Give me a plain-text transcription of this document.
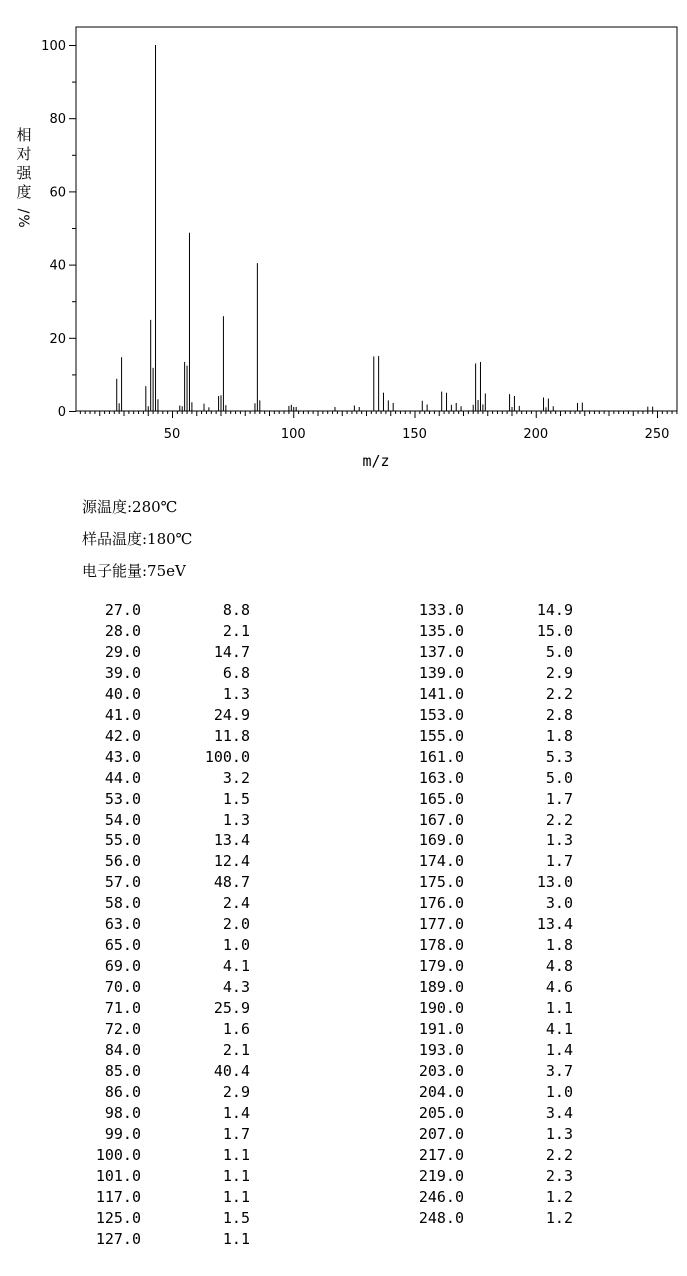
0
20
40
60
80
100
50	100	150	200	250
m/z
相
对
强
度
/
%
源温度:280℃
样品温度:180℃
电子能量:75eV
27.0	8.8
28.0	2.1
29.0	14.7
39.0	6.8
40.0	1.3
41.0	24.9
42.0	11.8
43.0	100.0
44.0	3.2
53.0	1.5
54.0	1.3
55.0	13.4
56.0	12.4
57.0	48.7
58.0	2.4
63.0	2.0
65.0	1.0
69.0	4.1
70.0	4.3
71.0	25.9
72.0	1.6
84.0	2.1
85.0	40.4
86.0	2.9
98.0	1.4
99.0	1.7
100.0	1.1
101.0	1.1
117.0	1.1
125.0	1.5
127.0	1.1
133.0	14.9
135.0	15.0
137.0	5.0
139.0	2.9
141.0	2.2
153.0	2.8
155.0	1.8
161.0	5.3
163.0	5.0
165.0	1.7
167.0	2.2
169.0	1.3
174.0	1.7
175.0	13.0
176.0	3.0
177.0	13.4
178.0	1.8
179.0	4.8
189.0	4.6
190.0	1.1
191.0	4.1
193.0	1.4
203.0	3.7
204.0	1.0
205.0	3.4
207.0	1.3
217.0	2.2
219.0	2.3
246.0	1.2
248.0	1.2
